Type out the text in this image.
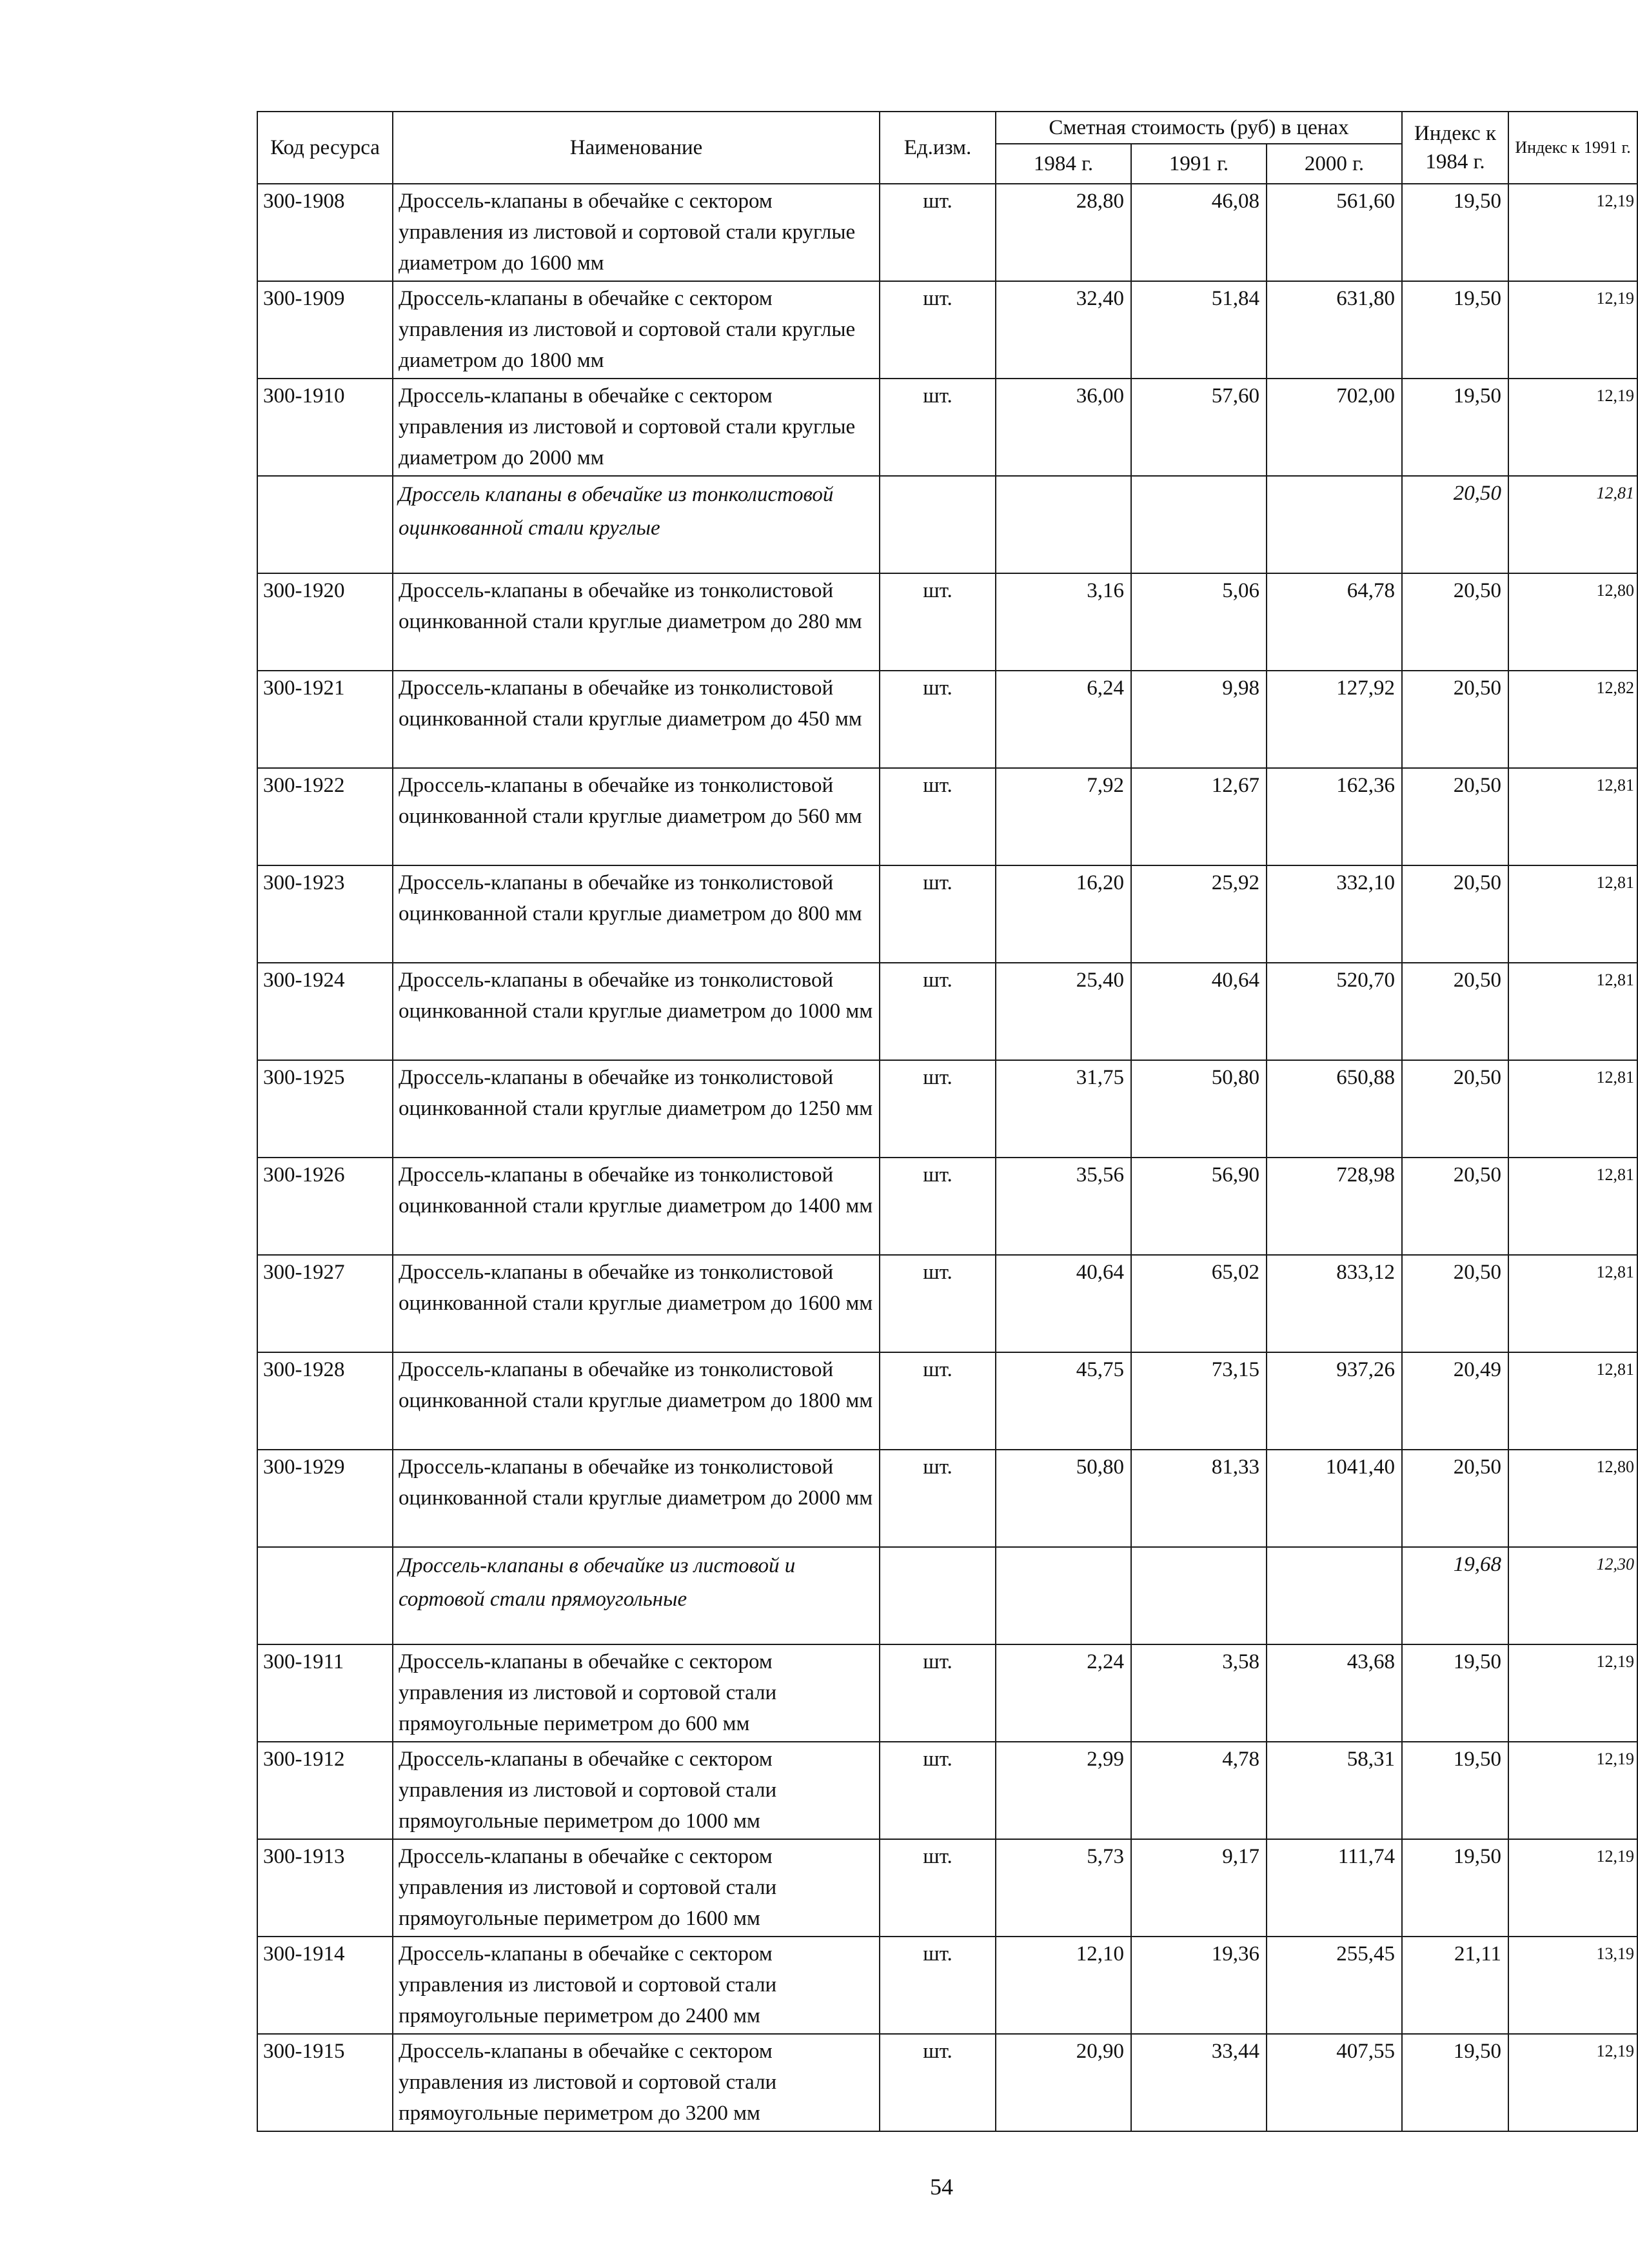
Код ресурса	Наименование	Ед.изм.	Сметная стоимость (руб) в ценах			Индекс к 1984 г.	Индекс к 1991 г.
			1984 г.	1991 г.	2000 г.		
300-1908	Дроссель-клапаны в обечайке с сектором управления из листовой и сортовой стали круглые диаметром до 1600 мм	шт.	28,80	46,08	561,60	19,50	12,19
300-1909	Дроссель-клапаны в обечайке с сектором управления из листовой и сортовой стали круглые диаметром до 1800 мм	шт.	32,40	51,84	631,80	19,50	12,19
300-1910	Дроссель-клапаны в обечайке с сектором управления из листовой и сортовой стали круглые диаметром до 2000 мм	шт.	36,00	57,60	702,00	19,50	12,19
	Дроссель клапаны в обечайке из тонколистовой оцинкованной стали круглые					20,50	12,81
300-1920	Дроссель-клапаны в обечайке из тонколистовой оцинкованной стали круглые диаметром до 280 мм	шт.	3,16	5,06	64,78	20,50	12,80
300-1921	Дроссель-клапаны в обечайке из тонколистовой оцинкованной стали круглые диаметром до 450 мм	шт.	6,24	9,98	127,92	20,50	12,82
300-1922	Дроссель-клапаны в обечайке из тонколистовой оцинкованной стали круглые диаметром до 560 мм	шт.	7,92	12,67	162,36	20,50	12,81
300-1923	Дроссель-клапаны в обечайке из тонколистовой оцинкованной стали круглые диаметром до 800 мм	шт.	16,20	25,92	332,10	20,50	12,81
300-1924	Дроссель-клапаны в обечайке из тонколистовой оцинкованной стали круглые диаметром до 1000 мм	шт.	25,40	40,64	520,70	20,50	12,81
300-1925	Дроссель-клапаны в обечайке из тонколистовой оцинкованной стали круглые диаметром до 1250 мм	шт.	31,75	50,80	650,88	20,50	12,81
300-1926	Дроссель-клапаны в обечайке из тонколистовой оцинкованной стали круглые диаметром до 1400 мм	шт.	35,56	56,90	728,98	20,50	12,81
300-1927	Дроссель-клапаны в обечайке из тонколистовой оцинкованной стали круглые диаметром до 1600 мм	шт.	40,64	65,02	833,12	20,50	12,81
300-1928	Дроссель-клапаны в обечайке из тонколистовой оцинкованной стали круглые диаметром до 1800 мм	шт.	45,75	73,15	937,26	20,49	12,81
300-1929	Дроссель-клапаны в обечайке из тонколистовой оцинкованной стали круглые диаметром до 2000 мм	шт.	50,80	81,33	1041,40	20,50	12,80
	Дроссель-клапаны в обечайке из листовой и сортовой стали прямоугольные					19,68	12,30
300-1911	Дроссель-клапаны в обечайке с сектором управления из листовой и сортовой стали прямоугольные периметром до 600 мм	шт.	2,24	3,58	43,68	19,50	12,19
300-1912	Дроссель-клапаны в обечайке с сектором управления из листовой и сортовой стали прямоугольные периметром до 1000 мм	шт.	2,99	4,78	58,31	19,50	12,19
300-1913	Дроссель-клапаны в обечайке с сектором управления из листовой и сортовой стали прямоугольные периметром до 1600 мм	шт.	5,73	9,17	111,74	19,50	12,19
300-1914	Дроссель-клапаны в обечайке с сектором управления из листовой и сортовой стали прямоугольные периметром до 2400 мм	шт.	12,10	19,36	255,45	21,11	13,19
300-1915	Дроссель-клапаны в обечайке с сектором управления из листовой и сортовой стали прямоугольные периметром до 3200 мм	шт.	20,90	33,44	407,55	19,50	12,19
54
